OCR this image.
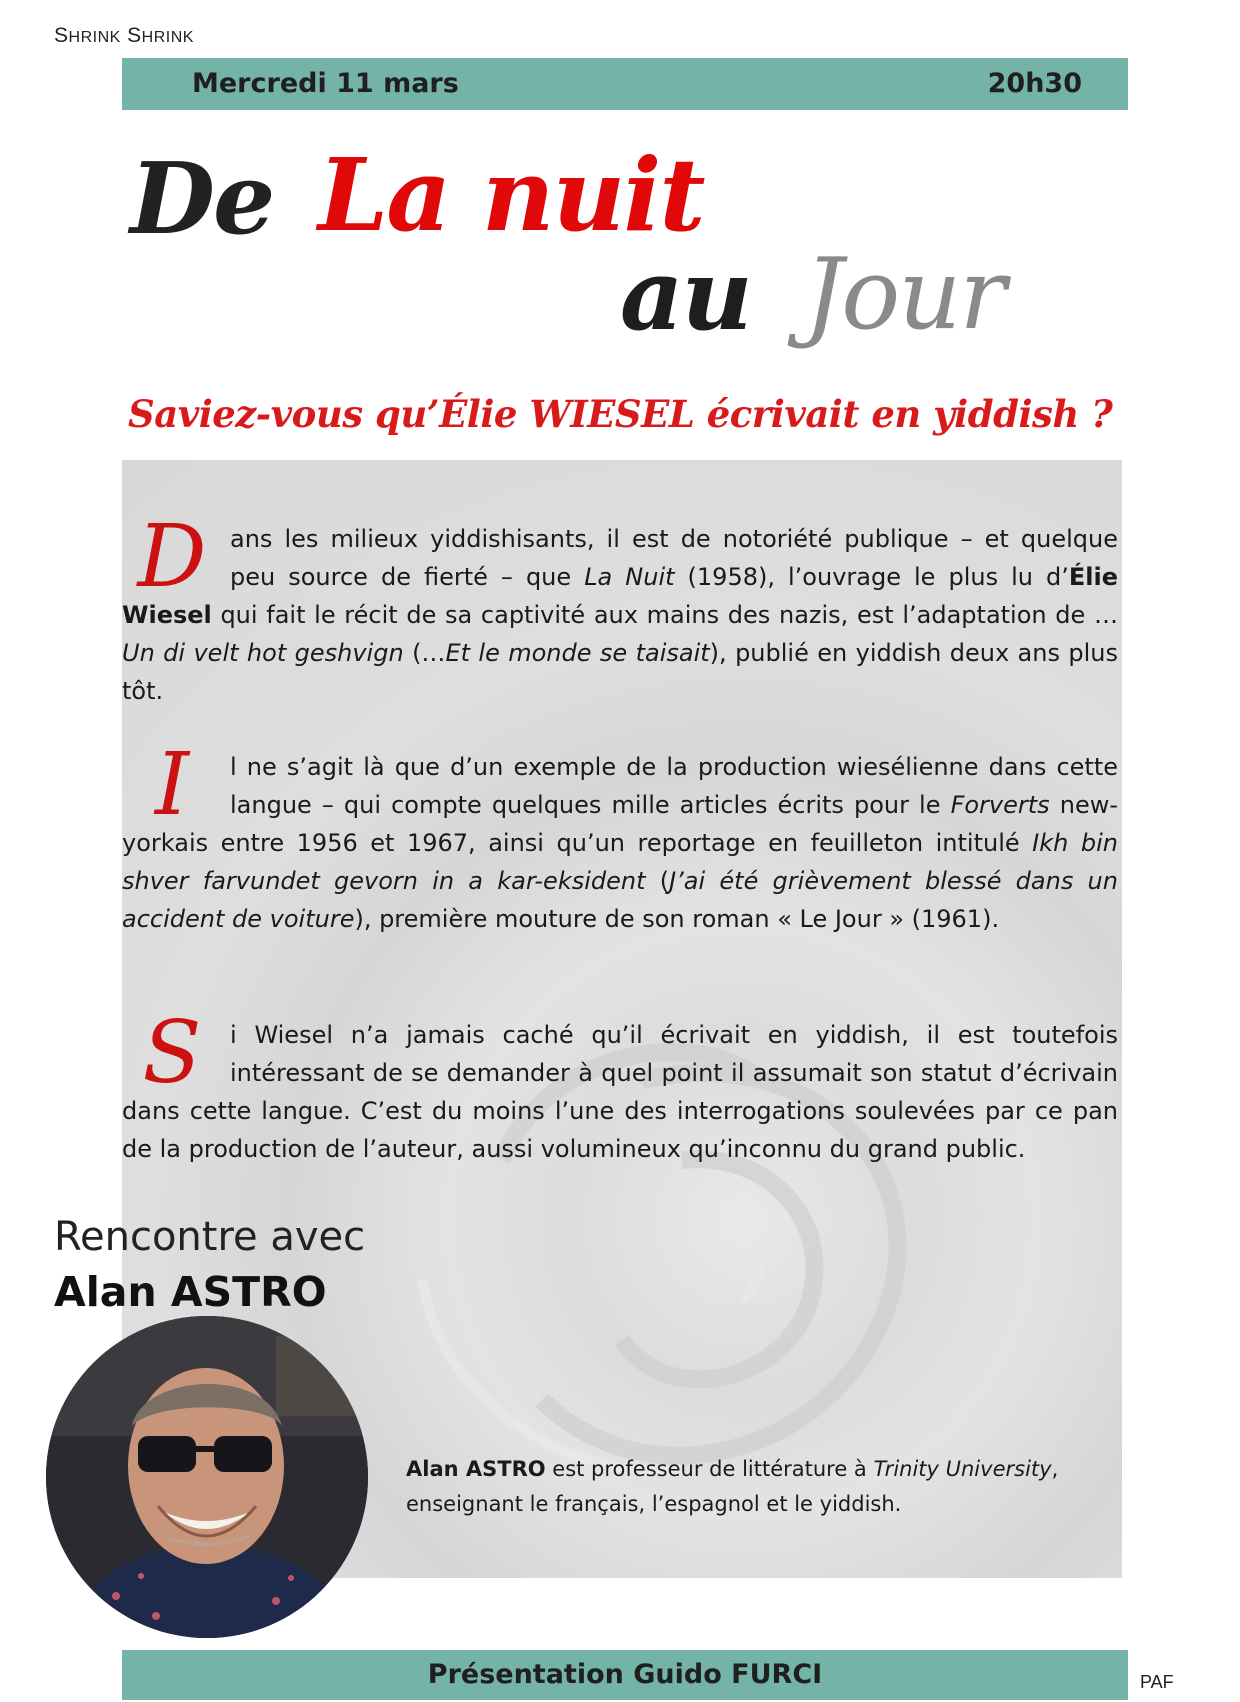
SHRINK SHRINK
Mercredi 11 mars	20h30
De La nuit
au Jour
Saviez-vous qu’Élie WIESEL écrivait en yiddish ?
Dans les milieux yiddishisants, il est de notoriété publique – et quelque peu source de fierté – que La Nuit (1958), l’ouvrage le plus lu d’Élie Wiesel qui fait le récit de sa captivité aux mains des nazis, est l’adaptation de …Un di velt hot geshvign (…Et le monde se taisait), publié en yiddish deux ans plus tôt.
I	l ne s’agit là que d’un exemple de la production wiesélienne dans cette langue – qui compte quelques mille articles écrits pour le Forverts new-yorkais entre 1956 et 1967, ainsi qu’un reportage en feuilleton intitulé Ikh bin shver farvundet gevorn in a kar-eksident (J’ai été grièvement blessé dans un accident de voiture), première mouture de son roman « Le Jour » (1961).
S	i Wiesel n’a jamais caché qu’il écrivait en yiddish, il est toutefois intéressant de se demander à quel point il assumait son statut d’écrivain dans cette langue. C’est du moins l’une des interrogations soulevées par ce pan de la production de l’auteur, aussi volumineux qu’inconnu du grand public.
Rencontre avec
Alan ASTRO
Alan ASTRO est professeur de littérature à Trinity University, enseignant le français, l’espagnol et le yiddish.
Présentation Guido FURCI	PAF
